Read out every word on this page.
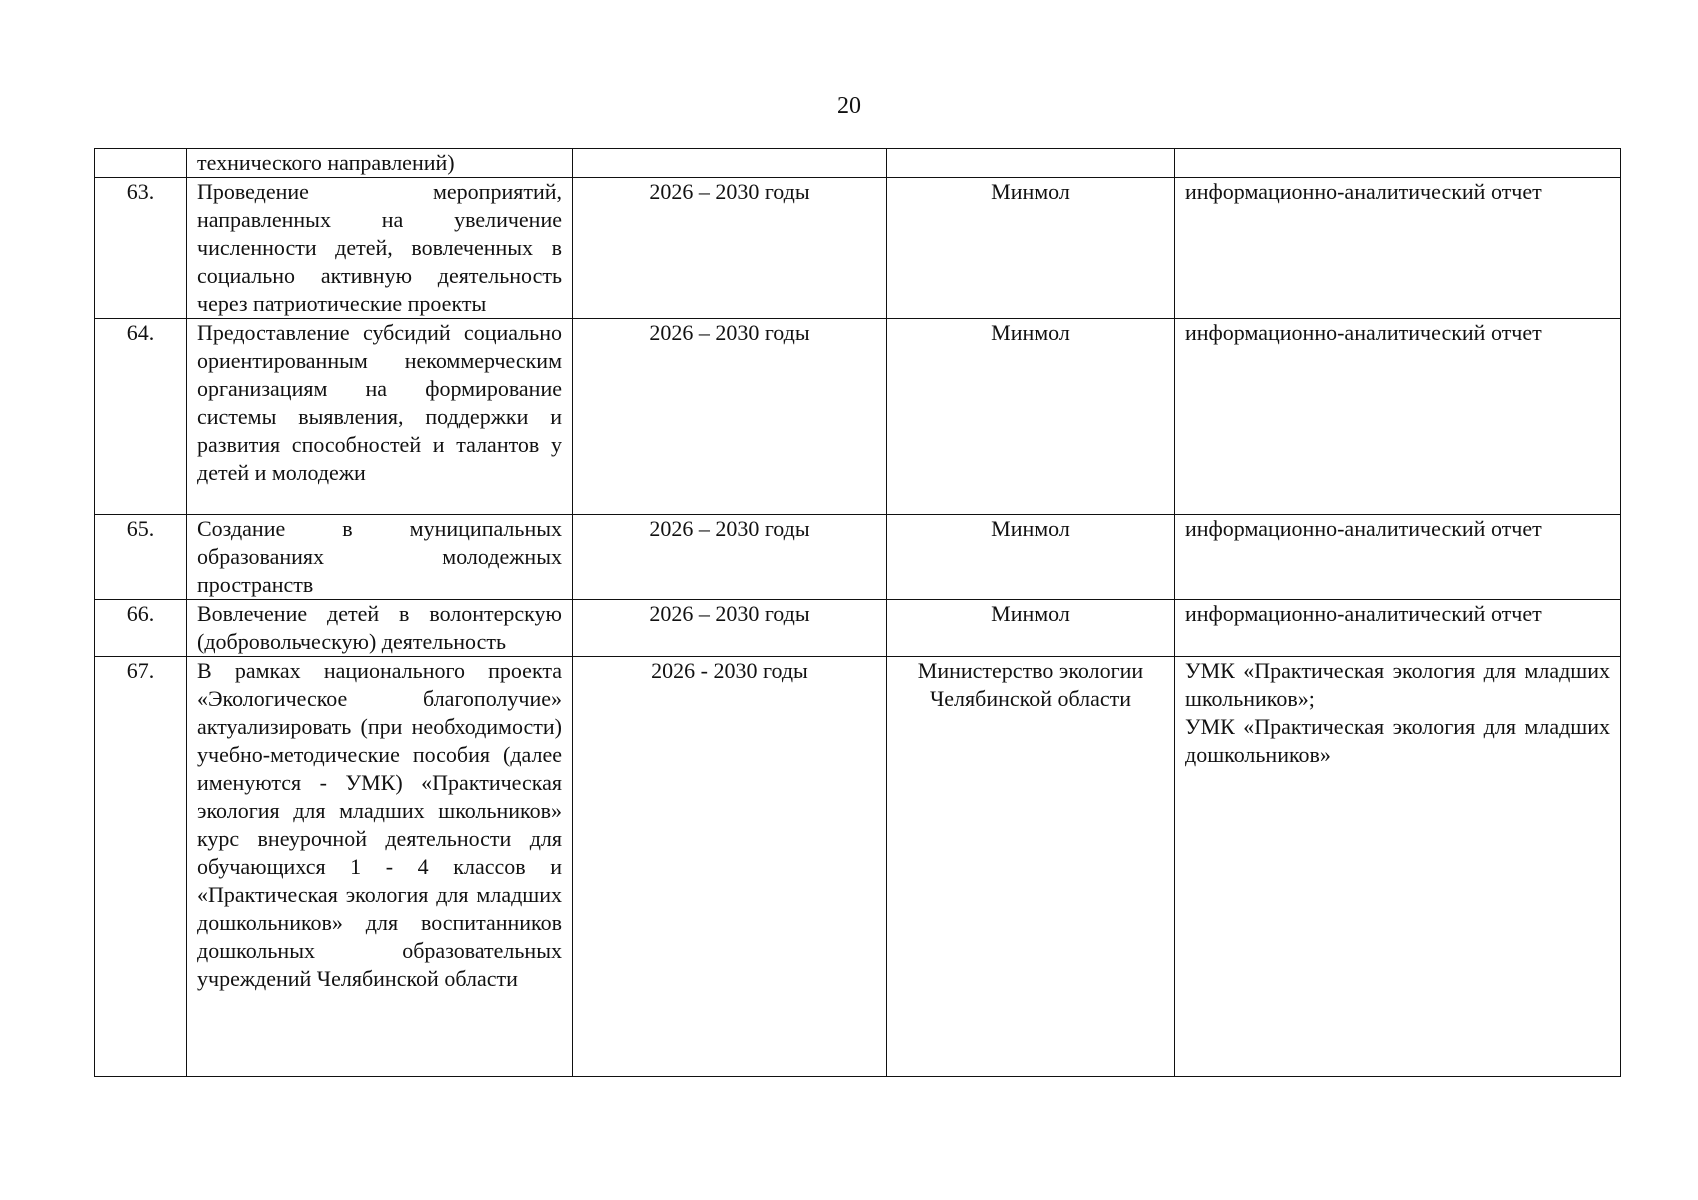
20
	технического направлений)			
63.	Проведение мероприятий, направленных на увеличение численности детей, вовлеченных в социально активную деятельность через патриотические проекты	2026 – 2030 годы	Минмол	информационно-аналитический отчет
64.	Предоставление субсидий социально ориентированным некоммерческим организациям на формирование системы выявления, поддержки и развития способностей и талантов у детей и молодежи	2026 – 2030 годы	Минмол	информационно-аналитический отчет
65.	Создание в муниципальных образованиях молодежных пространств	2026 – 2030 годы	Минмол	информационно-аналитический отчет
66.	Вовлечение детей в волонтерскую (добровольческую) деятельность	2026 – 2030 годы	Минмол	информационно-аналитический отчет
67.	В рамках национального проекта «Экологическое благополучие» актуализировать (при необходимости) учебно-методические пособия (далее именуются - УМК) «Практическая экология для младших школьников» курс внеурочной деятельности для обучающихся 1 - 4 классов и «Практическая экология для младших дошкольников» для воспитанников дошкольных образовательных учреждений Челябинской области	2026 - 2030 годы	Министерство экологии Челябинской области	УМК «Практическая экология для младших школьников»;
УМК «Практическая экология для младших дошкольников»
